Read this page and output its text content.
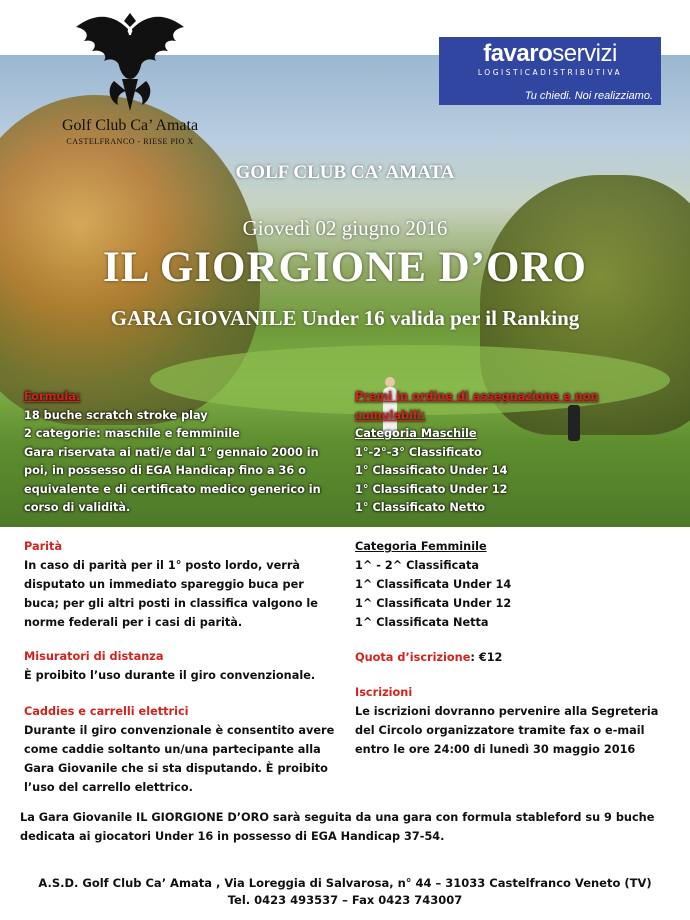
Golf Club Ca’ Amata
CASTELFRANCO - RIESE PIO X
favaroservizi
LOGISTICADISTRIBUTIVA
Tu chiedi. Noi realizziamo.
GOLF CLUB CA’ AMATA
Giovedì 02 giugno 2016
IL GIORGIONE D’ORO
GARA GIOVANILE Under 16 valida per il Ranking
Formula:
18 buche scratch stroke play
2 categorie: maschile e femminile
Gara riservata ai nati/e dal 1° gennaio 2000 in
poi, in possesso di EGA Handicap fino a 36 o
equivalente e di certificato medico generico in
corso di validità.
Premi in ordine di assegnazione e non
cumulabili:
Categoria Maschile
1°-2°-3° Classificato
1° Classificato Under 14
1° Classificato Under 12
1° Classificato Netto
Parità
In caso di parità per il 1° posto lordo, verrà
disputato un immediato spareggio buca per
buca; per gli altri posti in classifica valgono le
norme federali per i casi di parità.
Misuratori di distanza
È proibito l’uso durante il giro convenzionale.
Caddies e carrelli elettrici
Durante il giro convenzionale è consentito avere
come caddie soltanto un/una partecipante alla
Gara Giovanile che si sta disputando. È proibito
l’uso del carrello elettrico.
Categoria Femminile
1^ - 2^ Classificata
1^ Classificata Under 14
1^ Classificata Under 12
1^ Classificata Netta
Quota d’iscrizione: €12
Iscrizioni
Le iscrizioni dovranno pervenire alla Segreteria
del Circolo organizzatore tramite fax o e-mail
entro le ore 24:00 di lunedì 30 maggio 2016
La Gara Giovanile IL GIORGIONE D’ORO sarà seguita da una gara con formula stableford su 9 buche
dedicata ai giocatori Under 16 in possesso di EGA Handicap 37-54.
A.S.D. Golf Club Ca’ Amata , Via Loreggia di Salvarosa, n° 44 – 31033 Castelfranco Veneto (TV)
Tel. 0423 493537 – Fax 0423 743007
